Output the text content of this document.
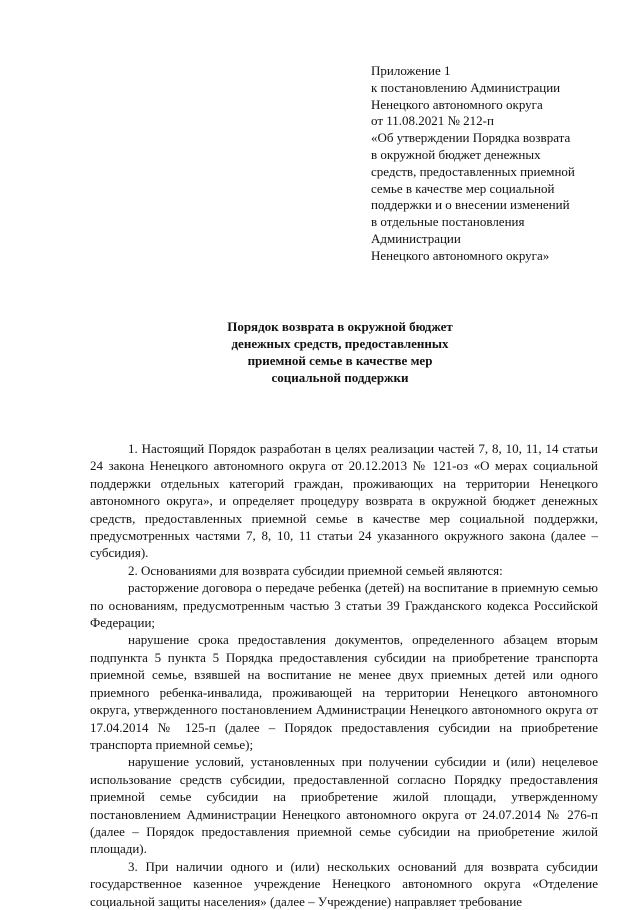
Приложение 1
к постановлению Администрации
Ненецкого автономного округа
от 11.08.2021 № 212-п
«Об утверждении Порядка возврата
в окружной бюджет денежных
средств, предоставленных приемной
семье в качестве мер социальной
поддержки и о внесении изменений
в отдельные постановления
Администрации
Ненецкого автономного округа»
Порядок возврата в окружной бюджет
денежных средств, предоставленных
приемной семье в качестве мер
социальной поддержки

1. Настоящий Порядок разработан в целях реализации частей 7, 8, 10, 11, 14 статьи 24 закона Ненецкого автономного округа от 20.12.2013 № 121-оз «О мерах социальной поддержки отдельных категорий граждан, проживающих на территории Ненецкого автономного округа», и определяет процедуру возврата в окружной бюджет денежных средств, предоставленных приемной семье в качестве мер социальной поддержки, предусмотренных частями 7, 8, 10, 11 статьи 24 указанного окружного закона (далее – субсидия).

2. Основаниями для возврата субсидии приемной семьей являются:

расторжение договора о передаче ребенка (детей) на воспитание в приемную семью по основаниям, предусмотренным частью 3 статьи 39 Гражданского кодекса Российской Федерации;

нарушение срока предоставления документов, определенного абзацем вторым подпункта 5 пункта 5 Порядка предоставления субсидии на приобретение транспорта приемной семье, взявшей на воспитание не менее двух приемных детей или одного приемного ребенка-инвалида, проживающей на территории Ненецкого автономного округа, утвержденного постановлением Администрации Ненецкого автономного округа от 17.04.2014 № 125-п (далее – Порядок предоставления субсидии на приобретение транспорта приемной семье);

нарушение условий, установленных при получении субсидии и (или) нецелевое использование средств субсидии, предоставленной согласно Порядку предоставления приемной семье субсидии на приобретение жилой площади, утвержденному постановлением Администрации Ненецкого автономного округа от 24.07.2014 № 276-п (далее – Порядок предоставления приемной семье субсидии на приобретение жилой площади).

3. При наличии одного и (или) нескольких оснований для возврата субсидии государственное казенное учреждение Ненецкого автономного округа «Отделение социальной защиты населения» (далее – Учреждение) направляет требование
